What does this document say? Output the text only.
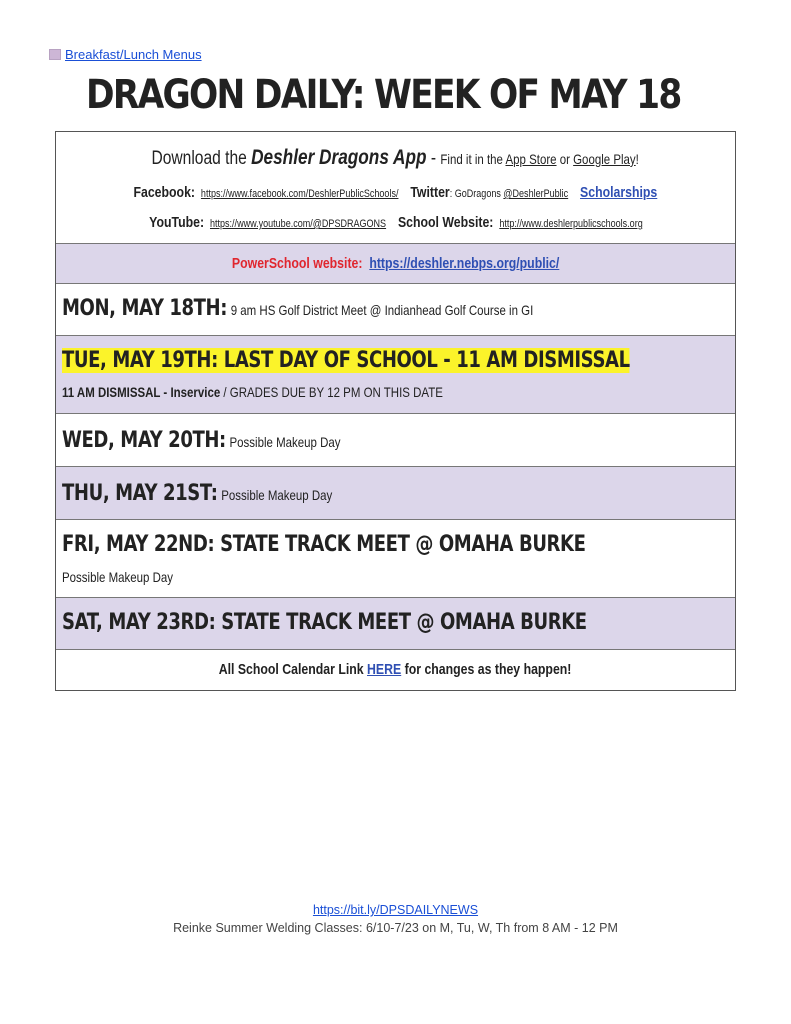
Breakfast/Lunch Menus
DRAGON DAILY: WEEK OF MAY 18
Download the Deshler Dragons App - Find it in the App Store or Google Play!
Facebook: https://www.facebook.com/DeshlerPublicSchools/ Twitter: GoDragons @DeshlerPublic Scholarships
YouTube: https://www.youtube.com/@DPSDRAGONS School Website: http://www.deshlerpublicschools.org
PowerSchool website: https://deshler.nebps.org/public/
MON, MAY 18TH: 9 am HS Golf District Meet @ Indianhead Golf Course in GI
TUE, MAY 19TH: LAST DAY OF SCHOOL - 11 AM DISMISSAL
11 AM DISMISSAL - Inservice / GRADES DUE BY 12 PM ON THIS DATE
WED, MAY 20TH: Possible Makeup Day
THU, MAY 21ST: Possible Makeup Day
FRI, MAY 22ND: STATE TRACK MEET @ OMAHA BURKE
Possible Makeup Day
SAT, MAY 23RD: STATE TRACK MEET @ OMAHA BURKE
All School Calendar Link HERE for changes as they happen!
https://bit.ly/DPSDAILYNEWS
Reinke Summer Welding Classes: 6/10-7/23 on M, Tu, W, Th from 8 AM - 12 PM
